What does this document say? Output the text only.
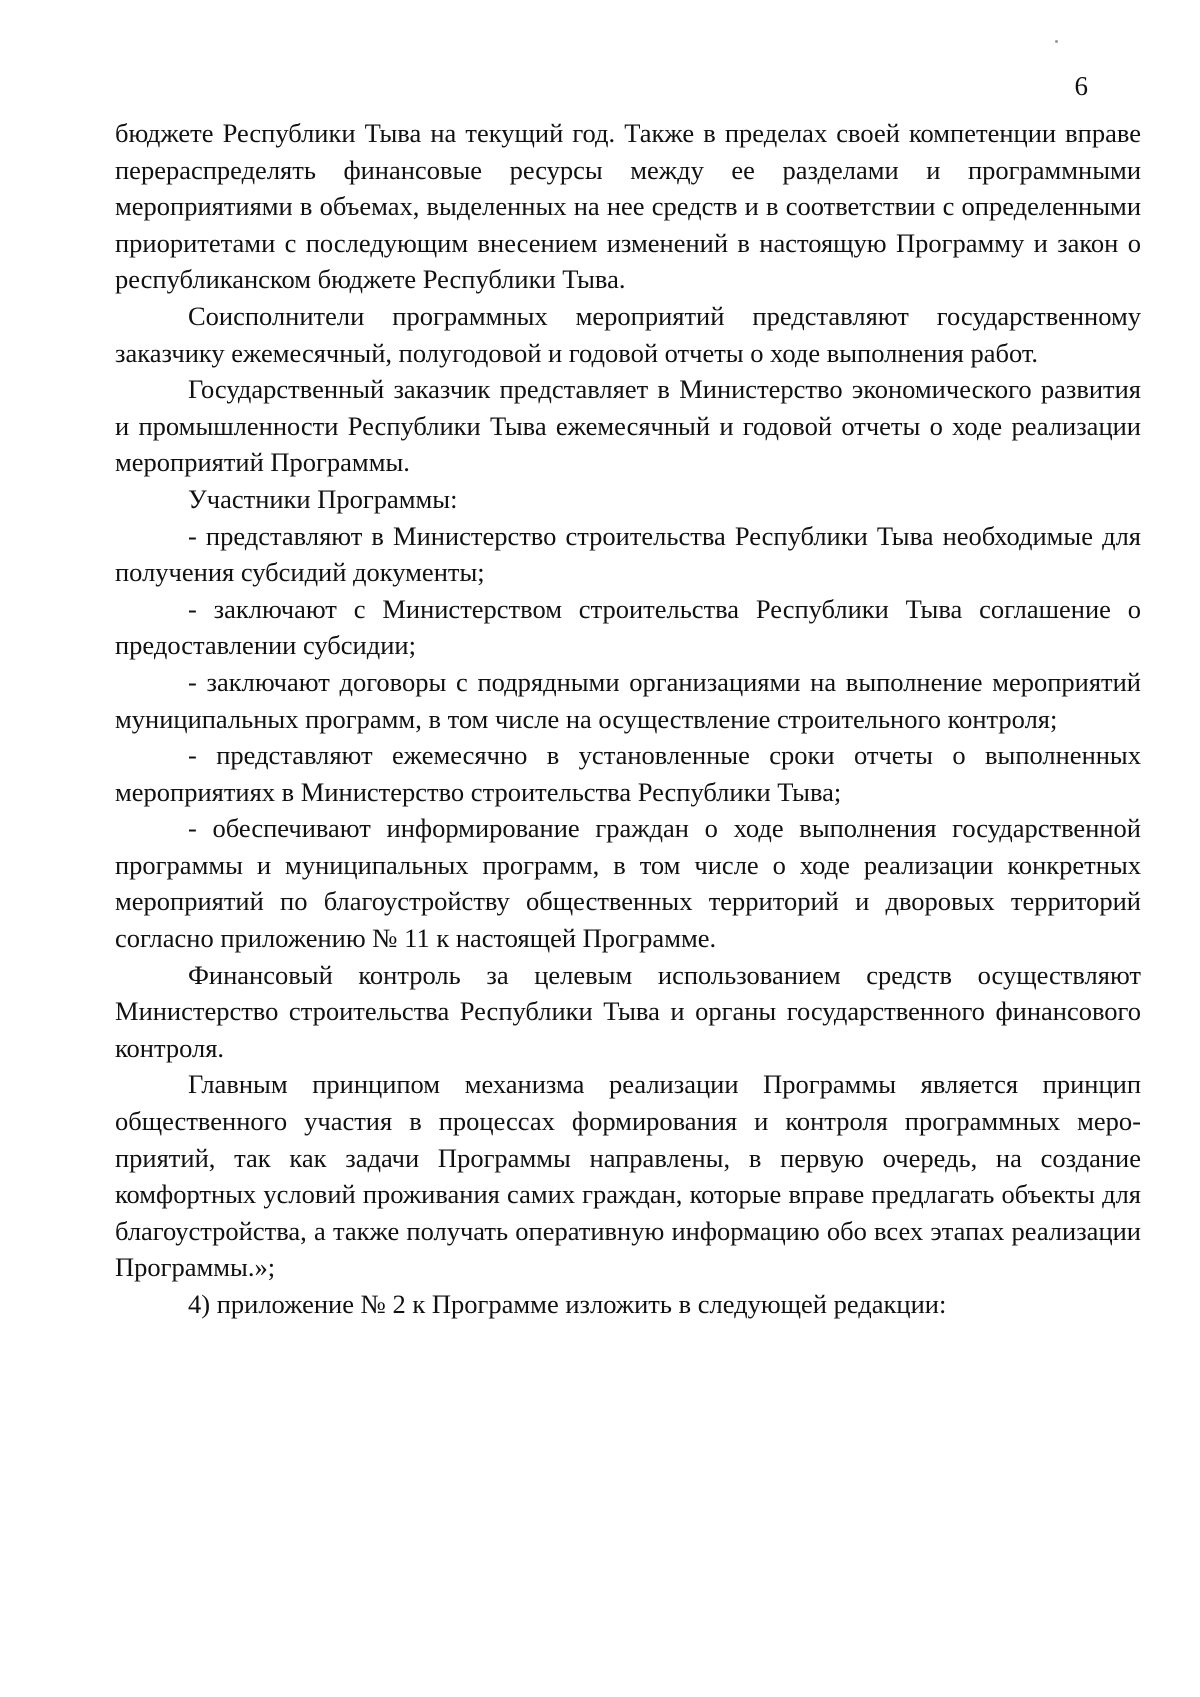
6

бюджете Республики Тыва на текущий год. Также в пределах своей компетенции вправе перераспределять финансовые ресурсы между ее разделами и программными мероприятиями в объемах, выделенных на нее средств и в соответствии с определенными приоритетами с последующим внесением изменений в настоящую Программу и закон о республиканском бюджете Республики Тыва.

Соисполнители программных мероприятий представляют государственному заказчику ежемесячный, полугодовой и годовой отчеты о ходе выполнения работ.

Государственный заказчик представляет в Министерство экономического развития и промышленности Республики Тыва ежемесячный и годовой отчеты о ходе реализации мероприятий Программы.

Участники Программы:

- представляют в Министерство строительства Республики Тыва необходимые для получения субсидий документы;

- заключают с Министерством строительства Республики Тыва соглашение о предоставлении субсидии;

- заключают договоры с подрядными организациями на выполнение мероприятий муниципальных программ, в том числе на осуществление строительного контроля;

- представляют ежемесячно в установленные сроки отчеты о выполненных мероприятиях в Министерство строительства Республики Тыва;

- обеспечивают информирование граждан о ходе выполнения государственной программы и муниципальных программ, в том числе о ходе реализации конкретных мероприятий по благоустройству общественных территорий и дворовых территорий согласно приложению № 11 к настоящей Программе.

Финансовый контроль за целевым использованием средств осуществляют Министерство строительства Республики Тыва и органы государственного финансового контроля.

Главным принципом механизма реализации Программы является принцип общественного участия в процессах формирования и контроля программных мероприятий, так как задачи Программы направлены, в первую очередь, на создание комфортных условий проживания самих граждан, которые вправе предлагать объекты для благоустройства, а также получать оперативную информацию обо всех этапах реализации Программы.»;

4) приложение № 2 к Программе изложить в следующей редакции:
